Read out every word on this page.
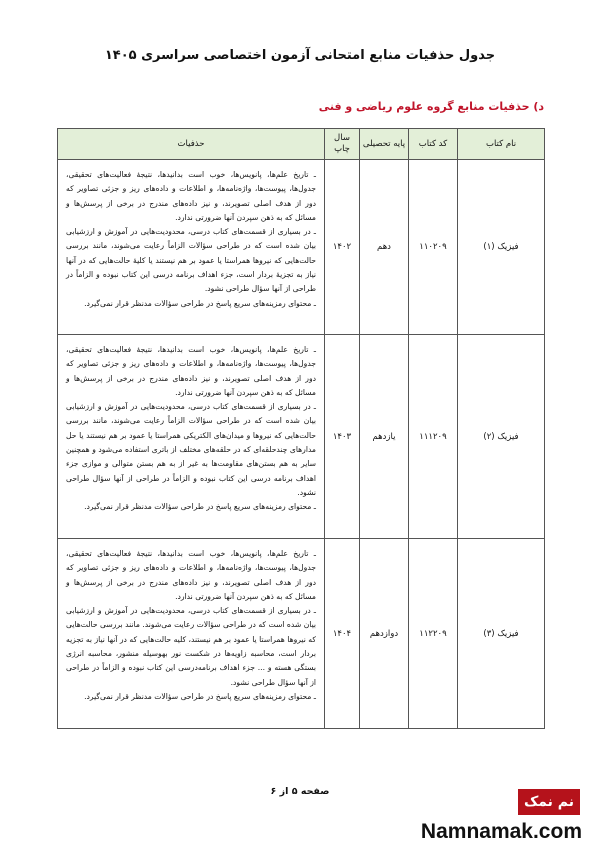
جدول حذفیات منابع امتحانی آزمون اختصاصی سراسری ۱۴۰۵
د) حذفیات منابع گروه علوم ریاضی و فنی
نام کتاب	کد کتاب	پایه تحصیلی	سال چاپ	حذفیات
فیزیک (۱)	۱۱۰۲۰۹	دهم	۱۴۰۲	ـ تاریخ علم‌ها، پانویس‌ها، خوب است بدانید‌ها، نتیجهٔ فعالیت‌های تحقیقی، جدول‌ها، پیوست‌ها، واژه‌نامه‌ها، و اطلاعات و داده‌های ریز و جزئی تصاویر که دور از هدف اصلی تصویرند، و نیز داده‌های مندرج در برخی از پرسش‌ها و مسائل که به ذهن سپردن آنها ضرورتی ندارد.

ـ در بسیاری از قسمت‌های کتاب درسی، محدودیت‌هایی در آموزش و ارزشیابی بیان شده است که در طراحی سؤالات الزاماً رعایت می‌شوند، مانند بررسی حالت‌هایی که نیروها همراستا یا عمود بر هم نیستند یا کلیهٔ حالت‌هایی که در آنها نیاز به تجزیهٔ بردار است، جزء اهداف برنامه درسی این کتاب نبوده و الزاماً در طراحی از آنها سؤال طراحی نشود.

ـ محتوای رمزینه‌های سریع پاسخ در طراحی سؤالات مدنظر قرار نمی‌گیرد.

فیزیک (۲)	۱۱۱۲۰۹	یازدهم	۱۴۰۳	ـ تاریخ علم‌ها، پانویس‌ها، خوب است بدانید‌ها، نتیجهٔ فعالیت‌های تحقیقی، جدول‌ها، پیوست‌ها، واژه‌نامه‌ها، و اطلاعات و داده‌های ریز و جزئی تصاویر که دور از هدف اصلی تصویرند، و نیز داده‌های مندرج در برخی از پرسش‌ها و مسائل که به ذهن سپردن آنها ضرورتی ندارد.

ـ در بسیاری از قسمت‌های کتاب درسی، محدودیت‌هایی در آموزش و ارزشیابی بیان شده است که در طراحی سؤالات الزاماً رعایت می‌شوند، مانند بررسی حالت‌هایی که نیروها و میدان‌های الکتریکی همراستا یا عمود بر هم نیستند یا حل مدارهای چندحلقه‌ای که در حلقه‌های مختلف از باتری استفاده می‌شود و همچنین سایر به هم بستن‌های مقاومت‌ها به غیر از به هم بستن متوالی و موازی جزء اهداف برنامه درسی این کتاب نبوده و الزاماً در طراحی از آنها سؤال طراحی نشود.

ـ محتوای رمزینه‌های سریع پاسخ در طراحی سؤالات مدنظر قرار نمی‌گیرد.

فیزیک (۳)	۱۱۲۲۰۹	دوازدهم	۱۴۰۴	ـ تاریخ علم‌ها، پانویس‌ها، خوب است بدانید‌ها، نتیجهٔ فعالیت‌های تحقیقی، جدول‌ها، پیوست‌ها، واژه‌نامه‌ها، و اطلاعات و داده‌های ریز و جزئی تصاویر که دور از هدف اصلی تصویرند، و نیز داده‌های مندرج در برخی از پرسش‌ها و مسائل که به ذهن سپردن آنها ضرورتی ندارد.

ـ در بسیاری از قسمت‌های کتاب درسی، محدودیت‌هایی در آموزش و ارزشیابی بیان شده است که در طراحی سؤالات رعایت می‌شوند. مانند بررسی حالت‌هایی که نیروها همراستا یا عمود بر هم نیستند، کلیه حالت‌هایی که در آنها نیاز به تجزیه بردار است، محاسبه زاویه‌ها در شکست نور بهوسیله منشور، محاسبه انرژی بستگی هسته و ... جزء اهداف برنامه‌درسی این کتاب نبوده و الزاماً در طراحی از آنها سؤال طراحی نشود.

ـ محتوای رمزینه‌های سریع پاسخ در طراحی سؤالات مدنظر قرار نمی‌گیرد.

صفحه ۵ از ۶
نم نمک
Namnamak.com
